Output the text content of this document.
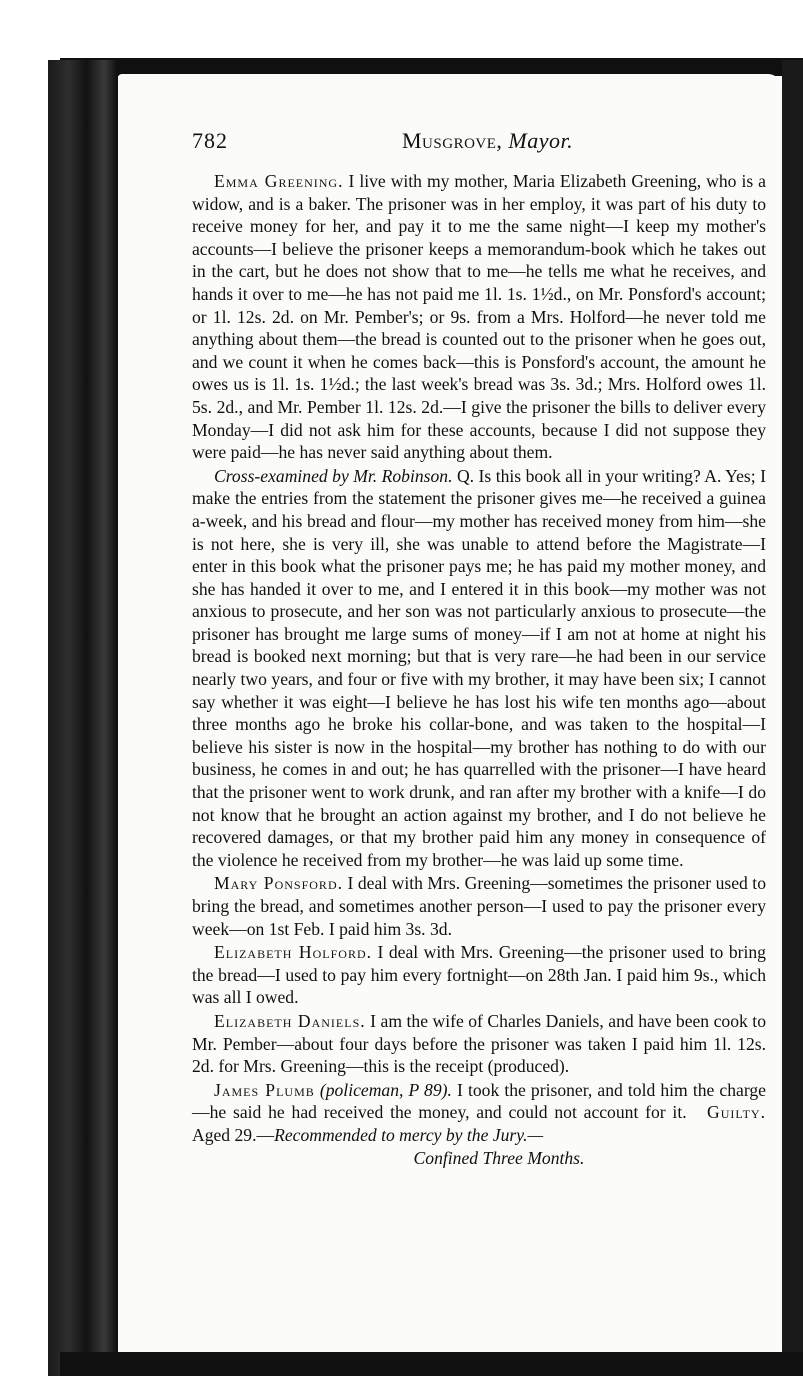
782	Musgrove, Mayor.

Emma Greening. I live with my mother, Maria Elizabeth Greening, who is a widow, and is a baker. The prisoner was in her employ, it was part of his duty to receive money for her, and pay it to me the same night—I keep my mother's accounts—I believe the prisoner keeps a memorandum-book which he takes out in the cart, but he does not show that to me—he tells me what he receives, and hands it over to me—he has not paid me 1l. 1s. 1½d., on Mr. Ponsford's account; or 1l. 12s. 2d. on Mr. Pember's; or 9s. from a Mrs. Holford—he never told me anything about them—the bread is counted out to the prisoner when he goes out, and we count it when he comes back—this is Ponsford's account, the amount he owes us is 1l. 1s. 1½d.; the last week's bread was 3s. 3d.; Mrs. Holford owes 1l. 5s. 2d., and Mr. Pember 1l. 12s. 2d.—I give the prisoner the bills to deliver every Monday—I did not ask him for these accounts, because I did not suppose they were paid—he has never said anything about them.

Cross-examined by Mr. Robinson. Q. Is this book all in your writing? A. Yes; I make the entries from the statement the prisoner gives me—he received a guinea a-week, and his bread and flour—my mother has received money from him—she is not here, she is very ill, she was unable to attend before the Magistrate—I enter in this book what the prisoner pays me; he has paid my mother money, and she has handed it over to me, and I entered it in this book—my mother was not anxious to prosecute, and her son was not particularly anxious to prosecute—the prisoner has brought me large sums of money—if I am not at home at night his bread is booked next morning; but that is very rare—he had been in our service nearly two years, and four or five with my brother, it may have been six; I cannot say whether it was eight—I believe he has lost his wife ten months ago—about three months ago he broke his collar-bone, and was taken to the hospital—I believe his sister is now in the hospital—my brother has nothing to do with our business, he comes in and out; he has quarrelled with the prisoner—I have heard that the prisoner went to work drunk, and ran after my brother with a knife—I do not know that he brought an action against my brother, and I do not believe he recovered damages, or that my brother paid him any money in consequence of the violence he received from my brother—he was laid up some time.

Mary Ponsford. I deal with Mrs. Greening—sometimes the prisoner used to bring the bread, and sometimes another person—I used to pay the prisoner every week—on 1st Feb. I paid him 3s. 3d.

Elizabeth Holford. I deal with Mrs. Greening—the prisoner used to bring the bread—I used to pay him every fortnight—on 28th Jan. I paid him 9s., which was all I owed.

Elizabeth Daniels. I am the wife of Charles Daniels, and have been cook to Mr. Pember—about four days before the prisoner was taken I paid him 1l. 12s. 2d. for Mrs. Greening—this is the receipt (produced).

James Plumb (policeman, P 89). I took the prisoner, and told him the charge—he said he had received the money, and could not account for it. Guilty. Aged 29.—Recommended to mercy by the Jury.—

Confined Three Months.
